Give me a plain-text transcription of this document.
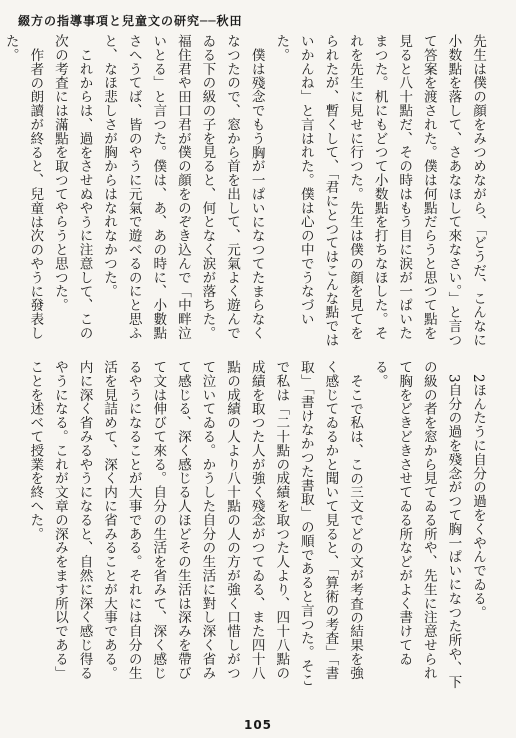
綴方の指導事項と兒童文の研究──秋田

先生は僕の顔をみつめながら、「どうだ、こんなに小数點を落して、さあなほして來なさい。」と言つて答案を渡された。僕は何點だらうと思つて點を見ると八十點だ、その時はもう目に涙が一ぱいたまつた。机にもどつて小数點を打ちなほした。それを先生に見せに行つた。先生は僕の顔を見てをられたが、暫くして、「君にとつてはこんな點ではいかんね」と言はれた。僕は心の中でうなづいた。

僕は殘念でもう胸が一ぱいになつてたまらなくなつたので、窓から首を出して、元氣よく遊んでゐる下の級の子を見ると、何となく涙が落ちた。福住君や田口君が僕の顔をのぞき込んで「中畔泣いとる」と言つた。僕は、あ、あの時に、小數點さへうてば、皆のやうに元氣で遊べるのにと思ふと、なほ悲しさが胸からはなれなかつた。

これからは、過をさせぬやうに注意して、この次の考査には滿點を取つてやらうと思つた。

作者の朗讀が終ると、兒童は次のやうに發表した。

2ほんたうに自分の過をくやんでゐる。

3自分の過を殘念がつて胸一ぱいになつた所や、下の級の者を窓から見てゐる所や、先生に注意せられて胸をどきどきさせてゐる所などがよく書けてゐる。

そこで私は、この三文でどの文が考査の結果を強く感じてゐるかと聞いて見ると、「算術の考査」「書取」「書けなかつた書取」の順であると言つた。そこで私は「二十點の成績を取つた人より、四十八點の成績を取つた人が強く殘念がつてゐる、また四十八點の成績の人より八十點の人の方が強く口惜しがつて泣いてゐる。かうした自分の生活に對し深く省みて感じる、深く感じる人ほどその生活は深みを帶びて文は伸びて來る。自分の生活を省みて、深く感じるやうになることが大事である。それには自分の生活を見詰めて、深く内に省みることが大事である。内に深く省みるやうになると、自然に深く感じ得るやうになる。これが文章の深みをます所以である」ことを述べて授業を終へた。

105
